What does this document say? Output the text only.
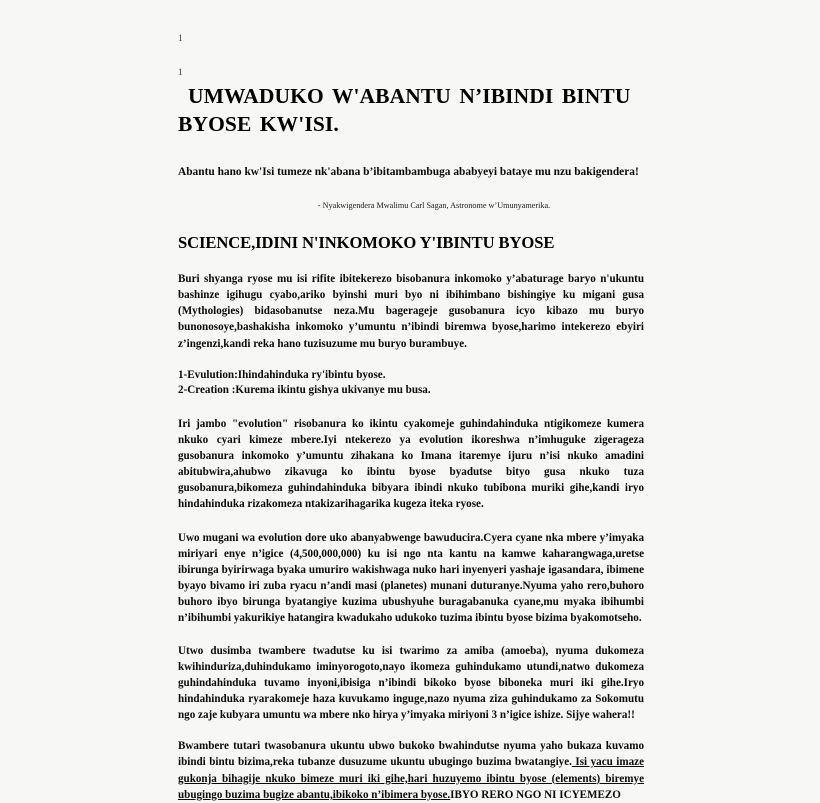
1
1
UMWADUKO W'ABANTU N’IBINDI BINTU BYOSE KW'ISI.
Abantu hano kw'Isi tumeze nk'abana b’ibitambambuga ababyeyi bataye mu nzu bakigendera!
- Nyakwigendera Mwalimu Carl Sagan, Astronome w’Umunyamerika.
SCIENCE,IDINI N'INKOMOKO Y'IBINTU BYOSE

Buri shyanga ryose mu isi rifite ibitekerezo bisobanura inkomoko y’abaturage baryo n'ukuntu bashinze igihugu cyabo,ariko byinshi muri byo ni ibihimbano bishingiye ku migani gusa (Mythologies) bidasobanutse neza.Mu bagerageje gusobanura icyo kibazo mu buryo bunonosoye,bashakisha inkomoko y’umuntu n’ibindi biremwa byose,harimo intekerezo ebyiri z’ingenzi,kandi reka hano tuzisuzume mu buryo burambuye.

1-Evulution:Ihindahinduka ry'ibintu byose.
2-Creation :Kurema ikintu gishya ukivanye mu busa.

Iri jambo "evolution" risobanura ko ikintu cyakomeje guhindahinduka ntigikomeze kumera nkuko cyari kimeze mbere.Iyi ntekerezo ya evolution ikoreshwa n’imhuguke zigerageza gusobanura inkomoko y’umuntu zihakana ko Imana itaremye ijuru n’isi nkuko amadini abitubwira,ahubwo zikavuga ko ibintu byose byadutse bityo gusa nkuko tuza gusobanura,bikomeza guhindahinduka bibyara ibindi nkuko tubibona muriki gihe,kandi iryo hindahinduka rizakomeza ntakizarihagarika kugeza iteka ryose.

Uwo mugani wa evolution dore uko abanyabwenge bawuducira.Cyera cyane nka mbere y’imyaka miriyari enye n’igice (4,500,000,000) ku isi ngo nta kantu na kamwe kaharangwaga,uretse ibirunga byirirwaga byaka umuriro wakishwaga nuko hari inyenyeri yashaje igasandara, ibimene byayo bivamo iri zuba ryacu n’andi masi (planetes) munani duturanye.Nyuma yaho rero,buhoro buhoro ibyo birunga byatangiye kuzima ubushyuhe buragabanuka cyane,mu myaka ibihumbi n’ibihumbi yakurikiye hatangira kwadukaho udukoko tuzima ibintu byose bizima byakomotseho.

Utwo dusimba twambere twadutse ku isi twarimo za amiba (amoeba), nyuma dukomeza kwihinduriza,duhindukamo iminyorogoto,nayo ikomeza guhindukamo utundi,natwo dukomeza guhindahinduka tuvamo inyoni,ibisiga n’ibindi bikoko byose biboneka muri iki gihe.Iryo hindahinduka ryarakomeje haza kuvukamo inguge,nazo nyuma ziza guhindukamo za Sokomutu ngo zaje kubyara umuntu wa mbere nko hirya y’imyaka miriyoni 3 n’igice ishize. Sijye wahera!!

Bwambere tutari twasobanura ukuntu ubwo bukoko bwahindutse nyuma yaho bukaza kuvamo ibindi bintu bizima,reka tubanze dusuzume ukuntu ubugingo buzima bwatangiye. Isi yacu imaze gukonja bihagije nkuko bimeze muri iki gihe,hari huzuyemo ibintu byose (elements) biremye ubugingo buzima bugize abantu,ibikoko n’ibimera byose.IBYO RERO NGO NI ICYEMEZO
